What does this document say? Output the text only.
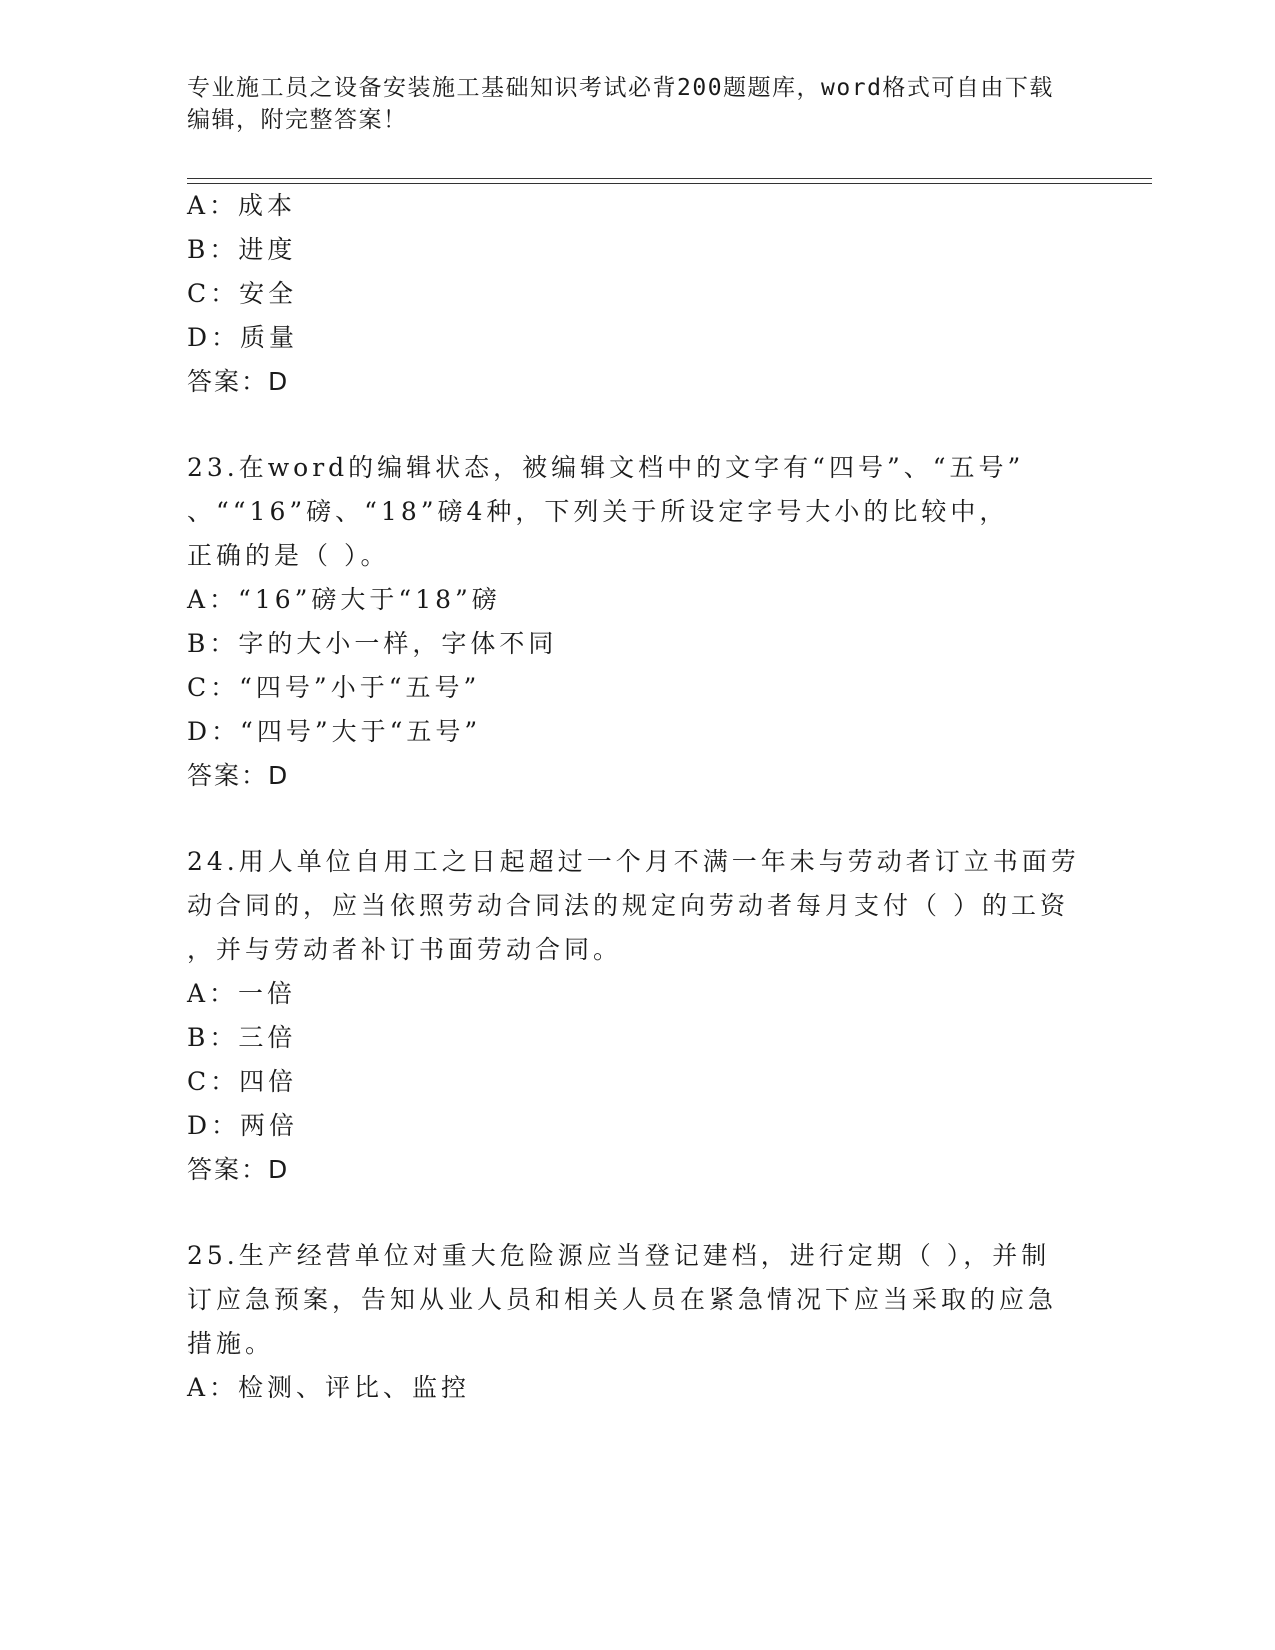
专业施工员之设备安装施工基础知识考试必背200题题库，word格式可自由下载
编辑，附完整答案！
A：成本
B：进度
C：安全
D：质量
答案：D
23.在word的编辑状态，被编辑文档中的文字有“四号”、“五号”
、““16”磅、“18”磅4种，下列关于所设定字号大小的比较中，
正确的是（ ）。
A：“16”磅大于“18”磅
B：字的大小一样，字体不同
C：“四号”小于“五号”
D：“四号”大于“五号”
答案：D
24.用人单位自用工之日起超过一个月不满一年未与劳动者订立书面劳
动合同的，应当依照劳动合同法的规定向劳动者每月支付（ ）的工资
，并与劳动者补订书面劳动合同。
A：一倍
B：三倍
C：四倍
D：两倍
答案：D
25.生产经营单位对重大危险源应当登记建档，进行定期（ ），并制
订应急预案，告知从业人员和相关人员在紧急情况下应当采取的应急
措施。
A：检测、评比、监控
